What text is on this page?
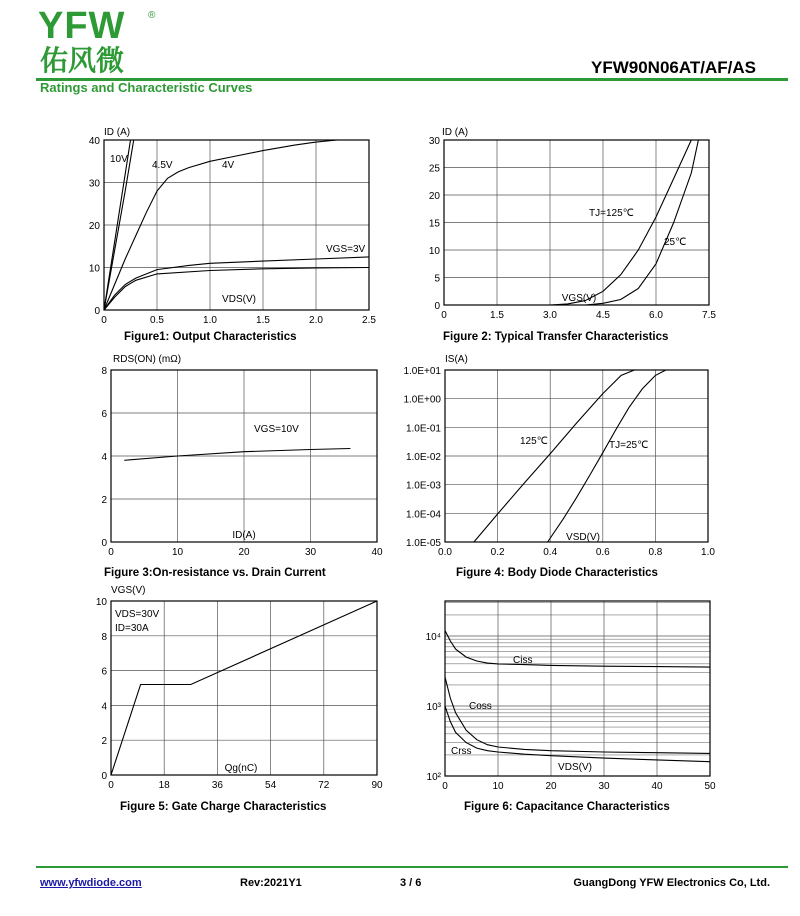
YFW ®
佑风微	YFW90N06AT/AF/AS
Ratings and Characteristic Curves
0	0.5	1.0	1.5	2.0	2.5
0
10
20
30
40
ID (A)
VDS(V)
10V
4.5V	4V
VGS=3V
0	1.5	3.0	4.5	6.0	7.5
0
5
10
15
20
25
30
ID (A)
VGS(V)
TJ=125℃
25℃
0	10	20	30	40
0
2
4
6
8
RDS(ON) (mΩ)
ID(A)
VGS=10V
0.0	0.2	0.4	0.6	0.8	1.0
1.0E-05
1.0E-04
1.0E-03
1.0E-02
1.0E-01
1.0E+00
1.0E+01
IS(A)
VSD(V)
125℃	TJ=25℃
0	18	36	54	72	90
0
2
4
6
8
10
VGS(V)
Qg(nC)
VDS=30V
ID=30A
0	10	20	30	40	50
10²
10³
10⁴
VDS(V)
Ciss
Coss
Crss
Figure1: Output Characteristics	Figure 2: Typical Transfer Characteristics
Figure 3:On-resistance vs. Drain Current	Figure 4: Body Diode Characteristics
Figure 5: Gate Charge Characteristics	Figure 6: Capacitance Characteristics
www.yfwdiode.com	Rev:2021Y1	3 / 6	GuangDong YFW Electronics Co, Ltd.
